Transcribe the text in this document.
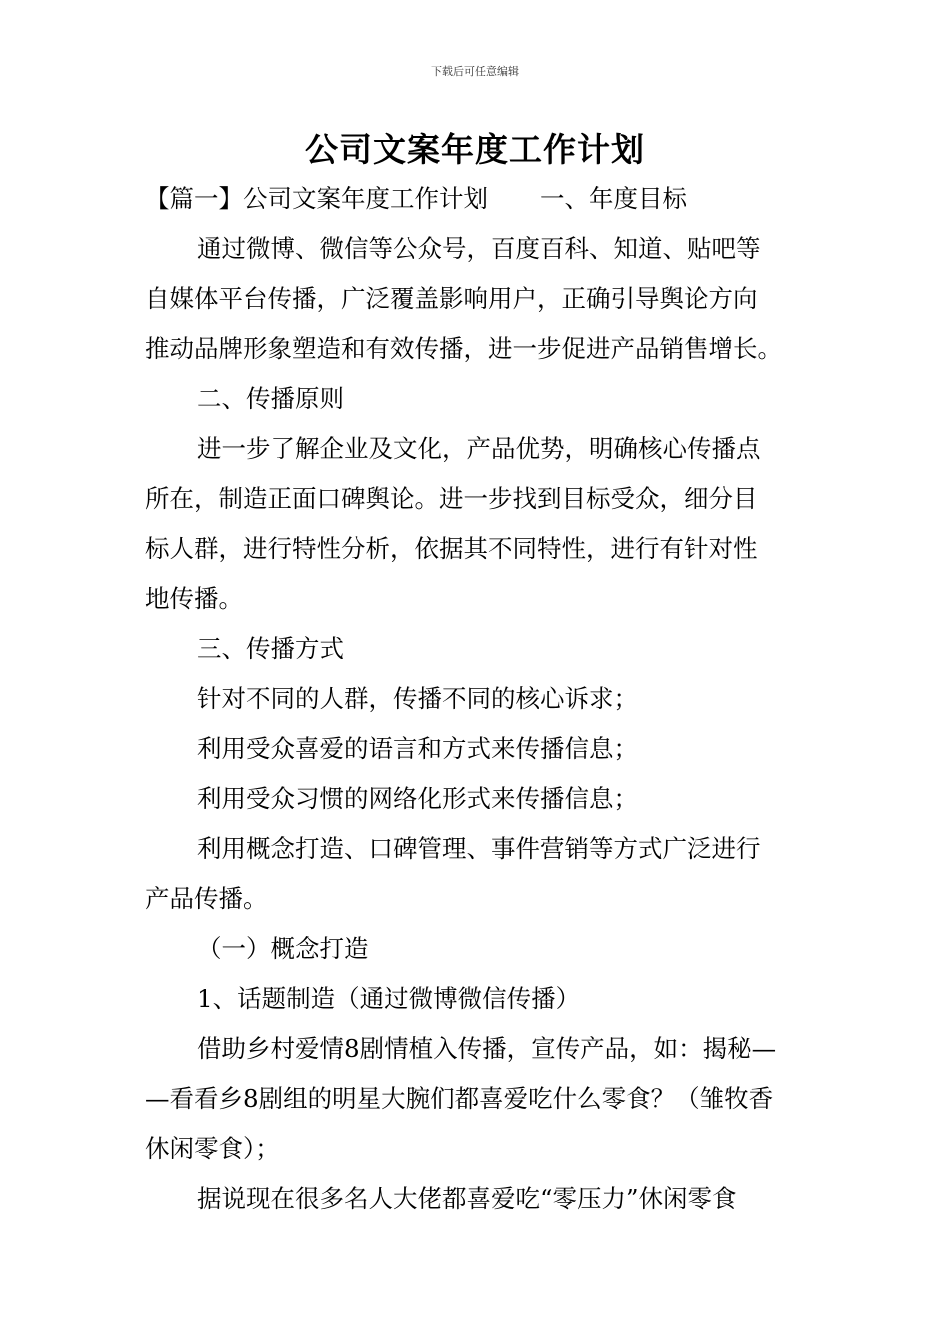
下载后可任意编辑
公司文案年度工作计划
【篇一】公司文案年度工作计划 一、年度目标
通过微博、微信等公众号，百度百科、知道、贴吧等
自媒体平台传播，广泛覆盖影响用户，正确引导舆论方向
推动品牌形象塑造和有效传播，进一步促进产品销售增长。
二、传播原则
进一步了解企业及文化，产品优势，明确核心传播点
所在，制造正面口碑舆论。进一步找到目标受众，细分目
标人群，进行特性分析，依据其不同特性，进行有针对性
地传播。
三、传播方式
针对不同的人群，传播不同的核心诉求；
利用受众喜爱的语言和方式来传播信息；
利用受众习惯的网络化形式来传播信息；
利用概念打造、口碑管理、事件营销等方式广泛进行
产品传播。
（一）概念打造
1、话题制造（通过微博微信传播）
借助乡村爱情8剧情植入传播，宣传产品，如：揭秘—
—看看乡8剧组的明星大腕们都喜爱吃什么零食？（雏牧香
休闲零食）；
据说现在很多名人大佬都喜爱吃“零压力”休闲零食
